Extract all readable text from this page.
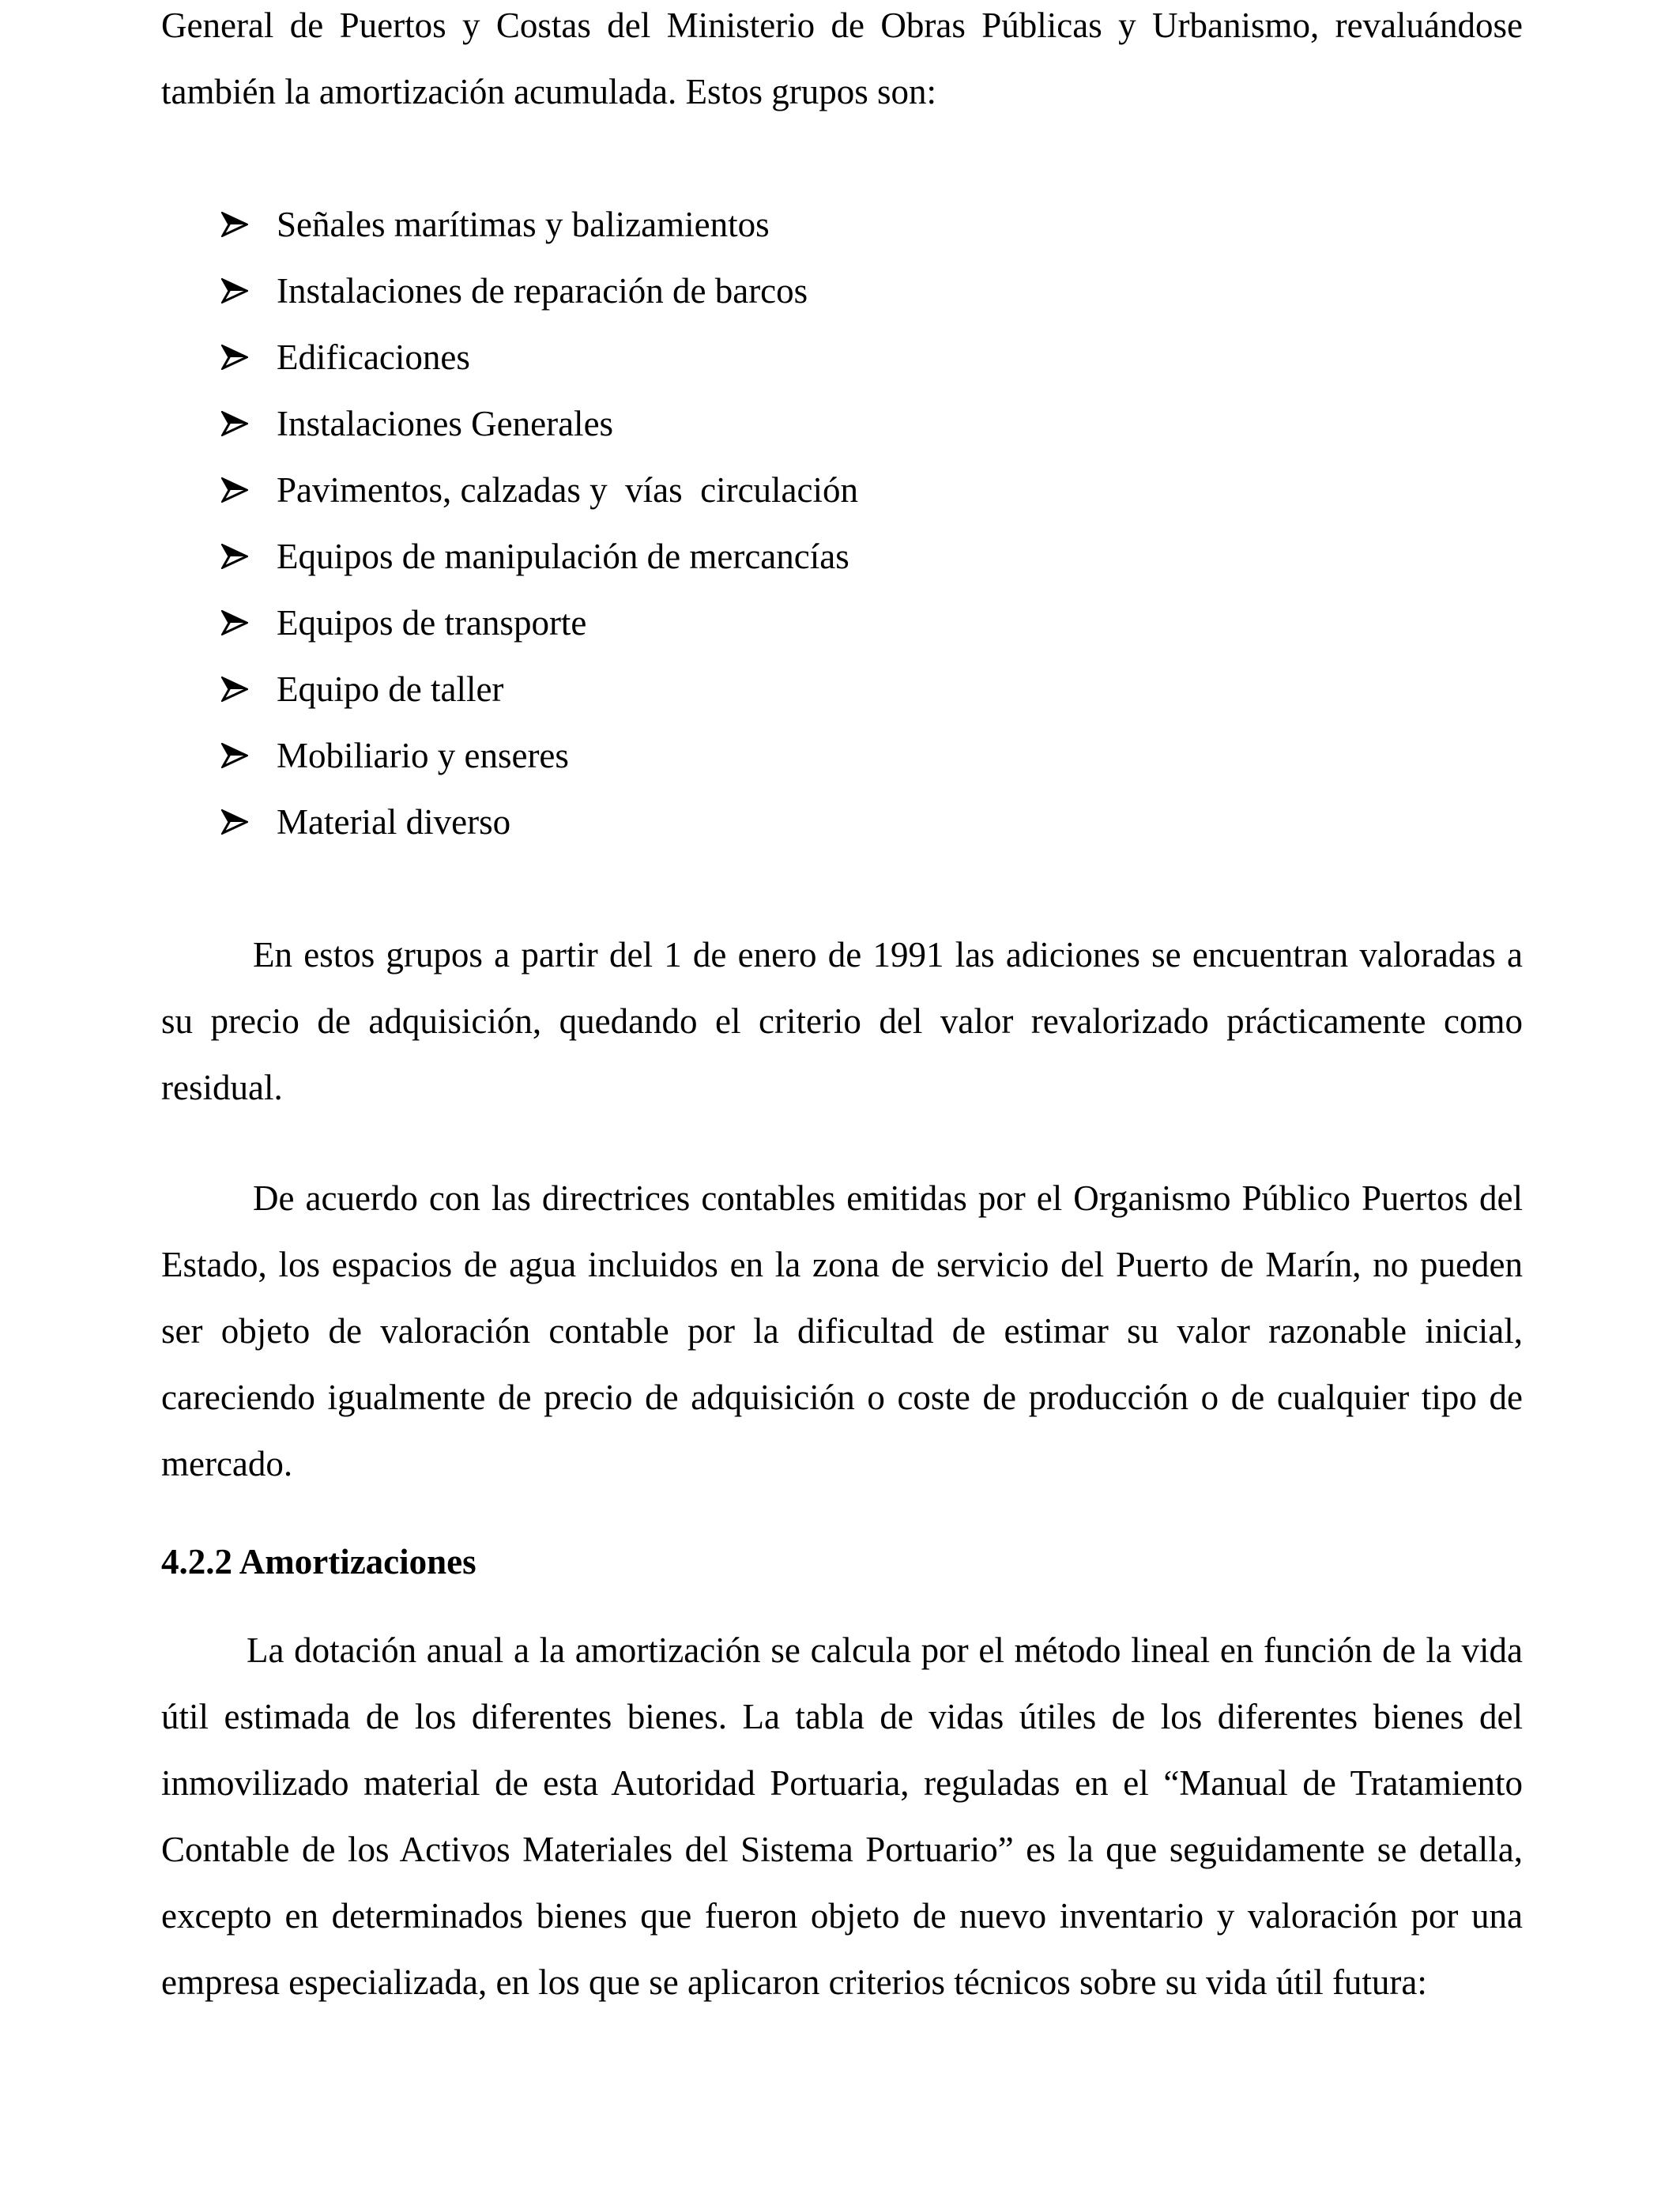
General de Puertos y Costas del Ministerio de Obras Públicas y Urbanismo, revaluándose también la amortización acumulada. Estos grupos son:

Señales marítimas y balizamientos
Instalaciones de reparación de barcos
Edificaciones
Instalaciones Generales
Pavimentos, calzadas y  vías  circulación
Equipos de manipulación de mercancías
Equipos de transporte
Equipo de taller
Mobiliario y enseres
Material diverso

En estos grupos a partir del 1 de enero de 1991 las adiciones se encuentran valoradas a su precio de adquisición, quedando el criterio del valor revalorizado prácticamente como residual.

De acuerdo con las directrices contables emitidas por el Organismo Público Puertos del Estado, los espacios de agua incluidos en la zona de servicio del Puerto de Marín, no pueden ser objeto de valoración contable por la dificultad de estimar su valor razonable inicial, careciendo igualmente de precio de adquisición o coste de producción o de cualquier tipo de mercado.

4.2.2 Amortizaciones

La dotación anual a la amortización se calcula por el método lineal en función de la vida útil estimada de los diferentes bienes. La tabla de vidas útiles de los diferentes bienes del inmovilizado material de esta Autoridad Portuaria, reguladas en el “Manual de Tratamiento Contable de los Activos Materiales del Sistema Portuario” es la que seguidamente se detalla, excepto en determinados bienes que fueron objeto de nuevo inventario y valoración por una empresa especializada, en los que se aplicaron criterios técnicos sobre su vida útil futura:
